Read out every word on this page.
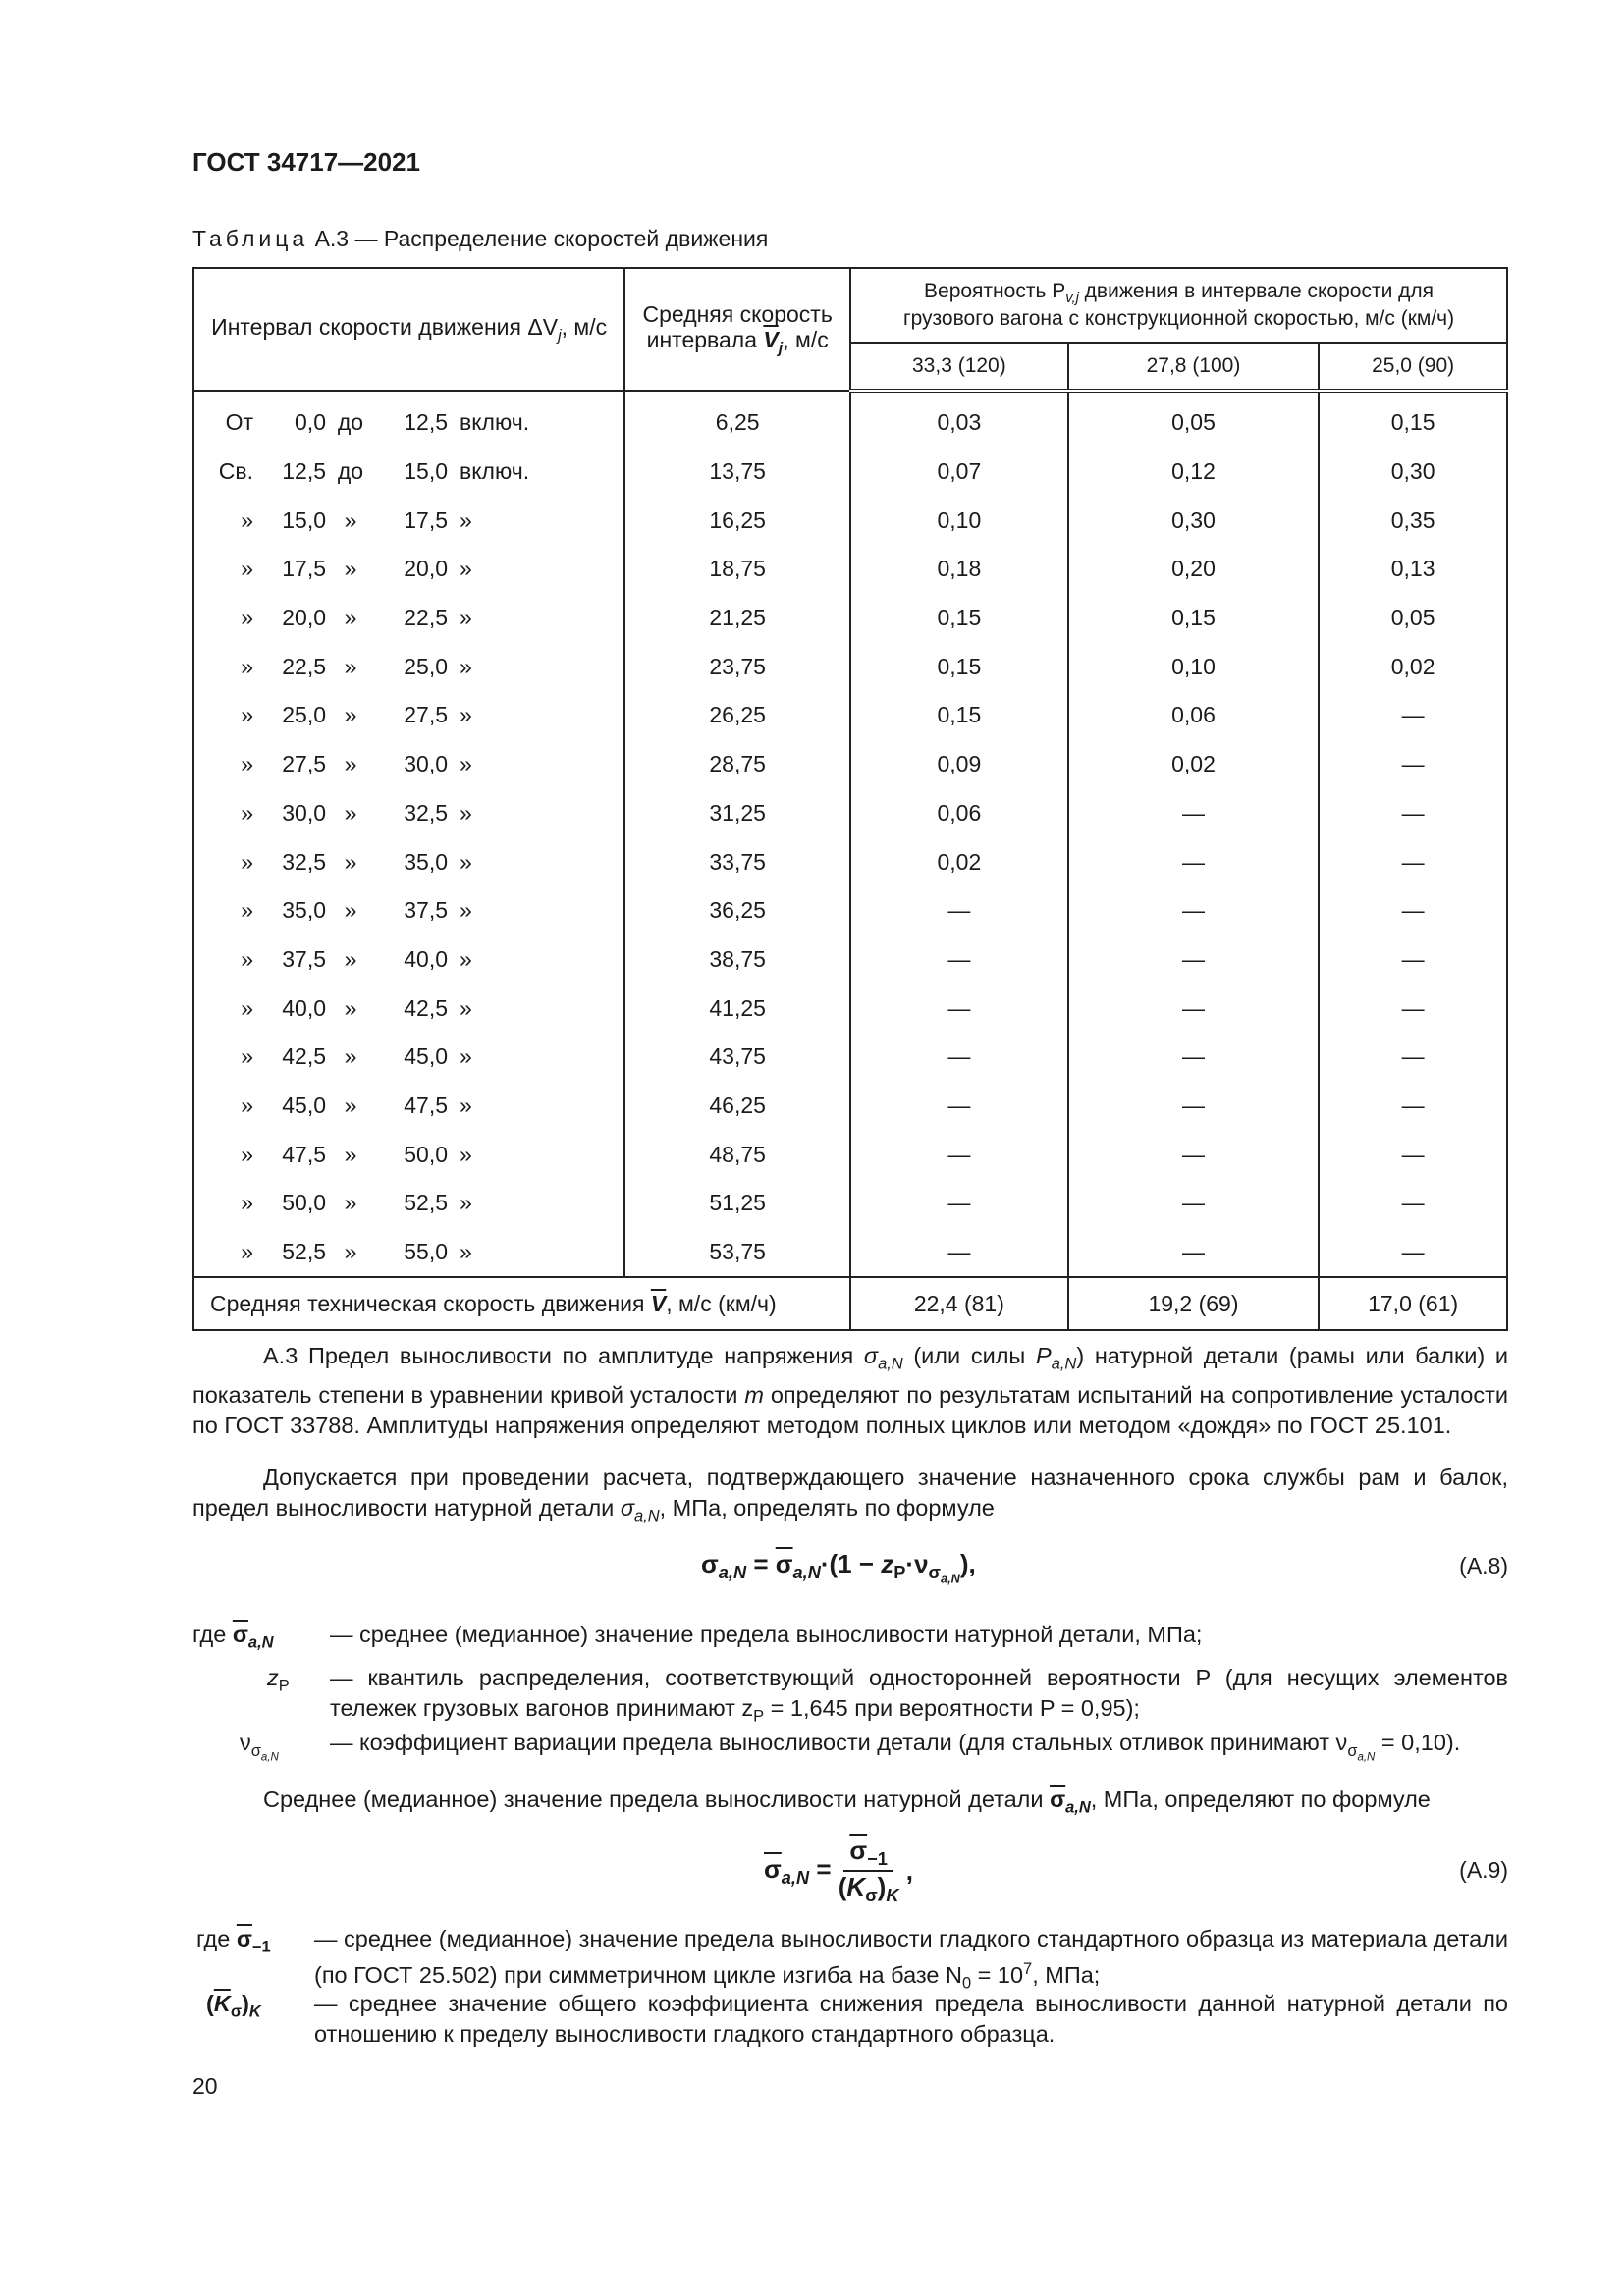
ГОСТ 34717—2021
Таблица А.3 — Распределение скоростей движения
Интервал скорости движения $\Delta V_j$, м/с	Средняя скорость
интервала $\overline{V}_j$, м/с	Вероятность $P_{v,j}$ движения в интервале скорости для
грузового вагона с конструкционной скоростью, м/с (км/ч)		
		33,3 (120)	27,8 (100)	25,0 (90)
От 0,0 до 12,5 включ.	6,25	0,03	0,05	0,15
Св. 12,5 до 15,0 включ.	13,75	0,07	0,12	0,30
» 15,0 » 17,5 »	16,25	0,10	0,30	0,35
» 17,5 » 20,0 »	18,75	0,18	0,20	0,13
» 20,0 » 22,5 »	21,25	0,15	0,15	0,05
» 22,5 » 25,0 »	23,75	0,15	0,10	0,02
» 25,0 » 27,5 »	26,25	0,15	0,06	—
» 27,5 » 30,0 »	28,75	0,09	0,02	—
» 30,0 » 32,5 »	31,25	0,06	—	—
» 32,5 » 35,0 »	33,75	0,02	—	—
» 35,0 » 37,5 »	36,25	—	—	—
» 37,5 » 40,0 »	38,75	—	—	—
» 40,0 » 42,5 »	41,25	—	—	—
» 42,5 » 45,0 »	43,75	—	—	—
» 45,0 » 47,5 »	46,25	—	—	—
» 47,5 » 50,0 »	48,75	—	—	—
» 50,0 » 52,5 »	51,25	—	—	—
» 52,5 » 55,0 »	53,75	—	—	—
Средняя техническая скорость движения $\overline{V}$, м/с (км/ч)		22,4 (81)	19,2 (69)	17,0 (61)
А.3 Предел выносливости по амплитуде напряжения $\sigma_{a,N}$ (или силы $P_{a,N}$) натурной детали (рамы или балки) и показатель степени в уравнении кривой усталости m определяют по результатам испытаний на сопротивление усталости по ГОСТ 33788. Амплитуды напряжения определяют методом полных циклов или методом «дождя» по ГОСТ 25.101.
Допускается при проведении расчета, подтверждающего значение назначенного срока службы рам и балок, предел выносливости натурной детали $\sigma_{a,N}$, МПа, определять по формуле
$\sigma_{a,N} = \overline{\sigma}_{a,N}\cdot(1 - z_P\cdot\nu_{\sigma_{a,N}})$,	(А.8)
где $\overline{\sigma}_{a,N}$ — среднее (медианное) значение предела выносливости натурной детали, МПа;
$z_P$ — квантиль распределения, соответствующий односторонней вероятности P (для несущих элементов тележек грузовых вагонов принимают $z_P = 1,645$ при вероятности P = 0,95);
$\nu_{\sigma_{a,N}}$
— коэффициент вариации предела выносливости детали (для стальных отливок принимают $\nu_{\sigma_{a,N}} = 0,10$).
Среднее (медианное) значение предела выносливости натурной детали $\overline{\sigma}_{a,N}$, МПа, определяют по формуле
$\overline{\sigma}_{a,N} = \frac{\overline{\sigma}_{-1}}{(\overline{K}_\sigma)_K}$ ,	(А.9)
где $\overline{\sigma}_{-1}$ — среднее (медианное) значение предела выносливости гладкого стандартного образца из материала детали (по ГОСТ 25.502) при симметричном цикле изгиба на базе $N_0 = 10^7$, МПа;
$(\overline{K}_\sigma)_K$ — среднее значение общего коэффициента снижения предела выносливости данной натурной детали по отношению к пределу выносливости гладкого стандартного образца.
20
